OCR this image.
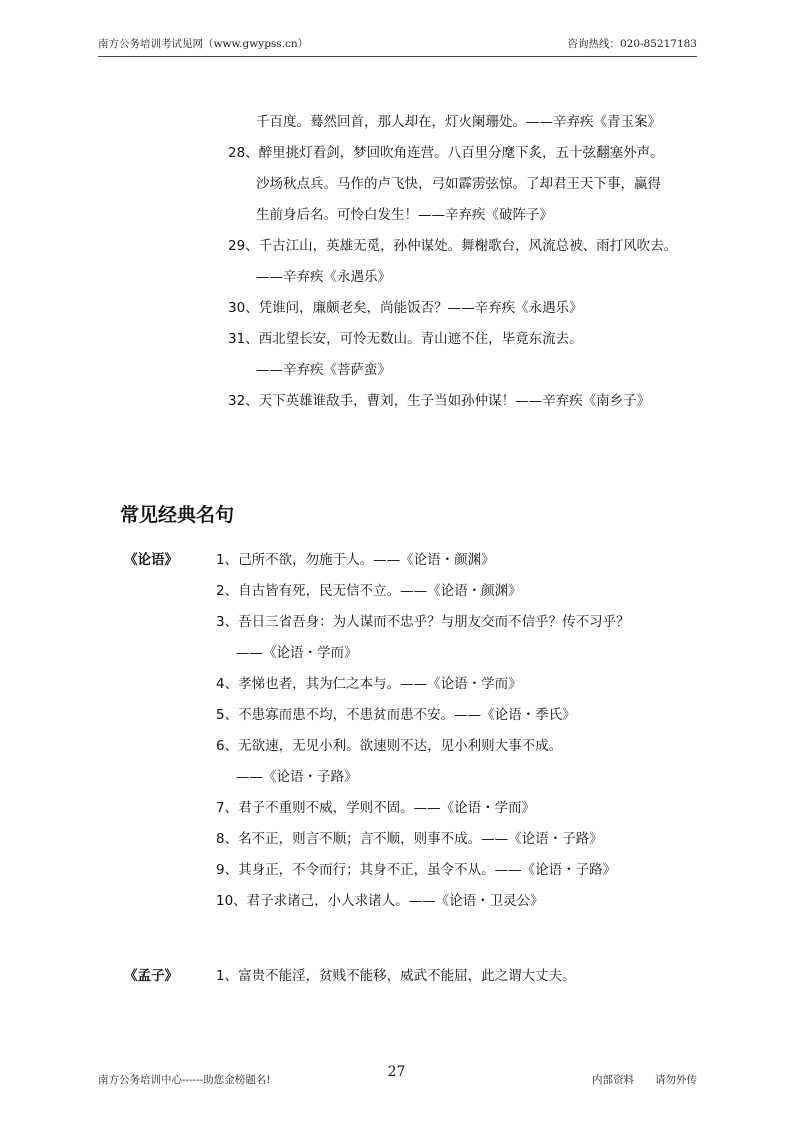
南方公务培训考试见网（www.gwypss.cn）	咨询热线：020-85217183
千百度。蓦然回首，那人却在，灯火阑珊处。——辛弃疾《青玉案》
28、醉里挑灯看剑，梦回吹角连营。八百里分麾下炙，五十弦翻塞外声。
沙场秋点兵。马作的卢飞快，弓如霹雳弦惊。了却君王天下事，赢得
生前身后名。可怜白发生！——辛弃疾《破阵子》
29、千古江山，英雄无觅，孙仲谋处。舞榭歌台，风流总被、雨打风吹去。
——辛弃疾《永遇乐》
30、凭谁问，廉颇老矣，尚能饭否？——辛弃疾《永遇乐》
31、西北望长安，可怜无数山。青山遮不住，毕竟东流去。
——辛弃疾《菩萨蛮》
32、天下英雄谁敌手，曹刘，生子当如孙仲谋！——辛弃疾《南乡子》
常见经典名句
《论语》	1、己所不欲，勿施于人。——《论语・颜渊》
2、自古皆有死，民无信不立。——《论语・颜渊》
3、吾日三省吾身：为人谋而不忠乎？与朋友交而不信乎？传不习乎？
——《论语・学而》
4、孝悌也者，其为仁之本与。——《论语・学而》
5、不患寡而患不均，不患贫而患不安。——《论语・季氏》
6、无欲速，无见小利。欲速则不达，见小利则大事不成。
——《论语・子路》
7、君子不重则不威，学则不固。——《论语・学而》
8、名不正，则言不顺；言不顺，则事不成。——《论语・子路》
9、其身正，不令而行；其身不正，虽令不从。——《论语・子路》
10、君子求诸己，小人求诸人。——《论语・卫灵公》
《孟子》	1、富贵不能淫，贫贱不能移，威武不能屈，此之谓大丈夫。
27
南方公务培训中心------助您金榜题名!	内部资料　　请勿外传
